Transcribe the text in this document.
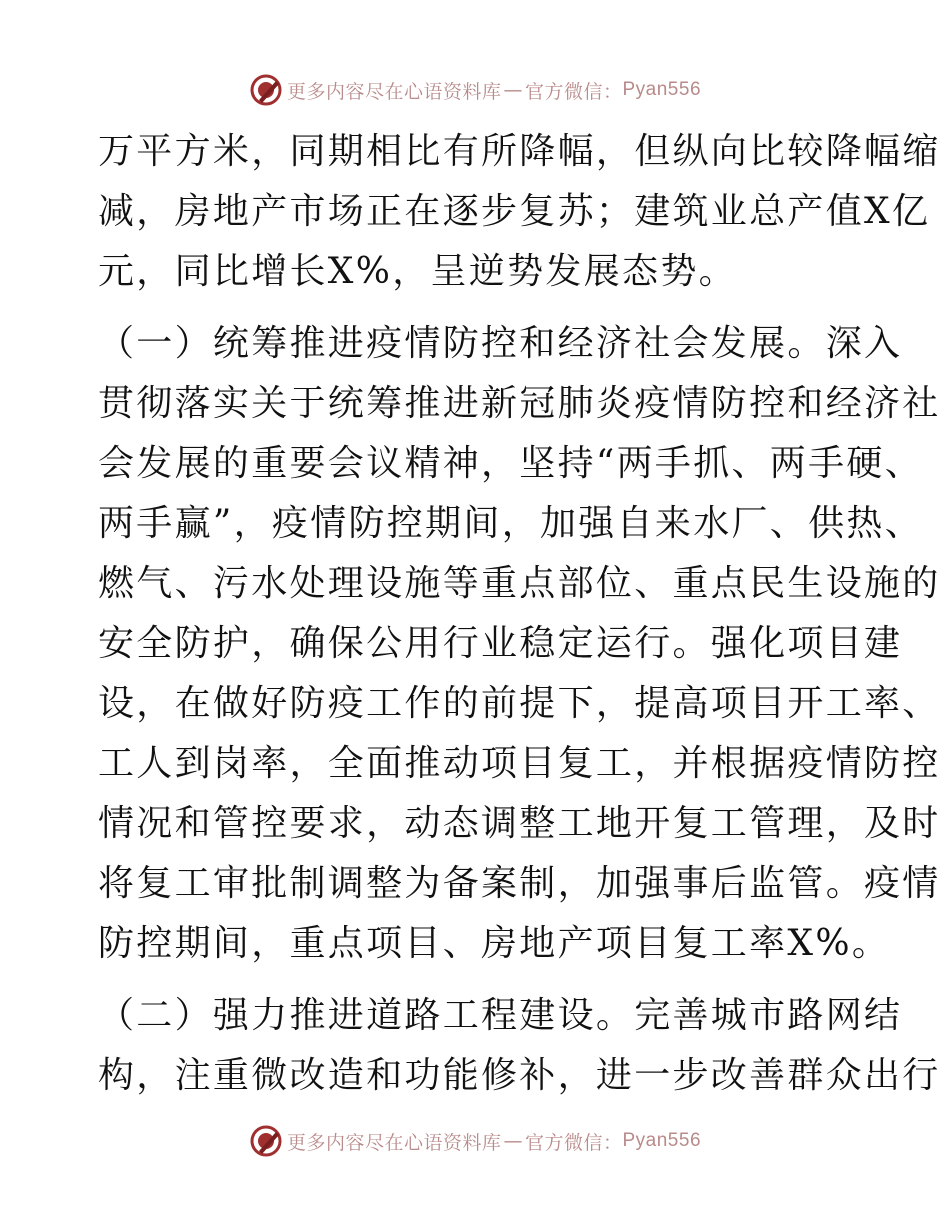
更多内容尽在心语资料库 — 官方微信： Pyan556
万平方米，同期相比有所降幅，但纵向比较降幅缩
减，房地产市场正在逐步复苏；建筑业总产值X亿
元，同比增长X%，呈逆势发展态势。
（一）统筹推进疫情防控和经济社会发展。深入
贯彻落实关于统筹推进新冠肺炎疫情防控和经济社
会发展的重要会议精神，坚持“两手抓、两手硬、
两手赢”，疫情防控期间，加强自来水厂、供热、
燃气、污水处理设施等重点部位、重点民生设施的
安全防护，确保公用行业稳定运行。强化项目建
设，在做好防疫工作的前提下，提高项目开工率、
工人到岗率，全面推动项目复工，并根据疫情防控
情况和管控要求，动态调整工地开复工管理，及时
将复工审批制调整为备案制，加强事后监管。疫情
防控期间，重点项目、房地产项目复工率X%。
（二）强力推进道路工程建设。完善城市路网结
构，注重微改造和功能修补，进一步改善群众出行
更多内容尽在心语资料库 — 官方微信： Pyan556
